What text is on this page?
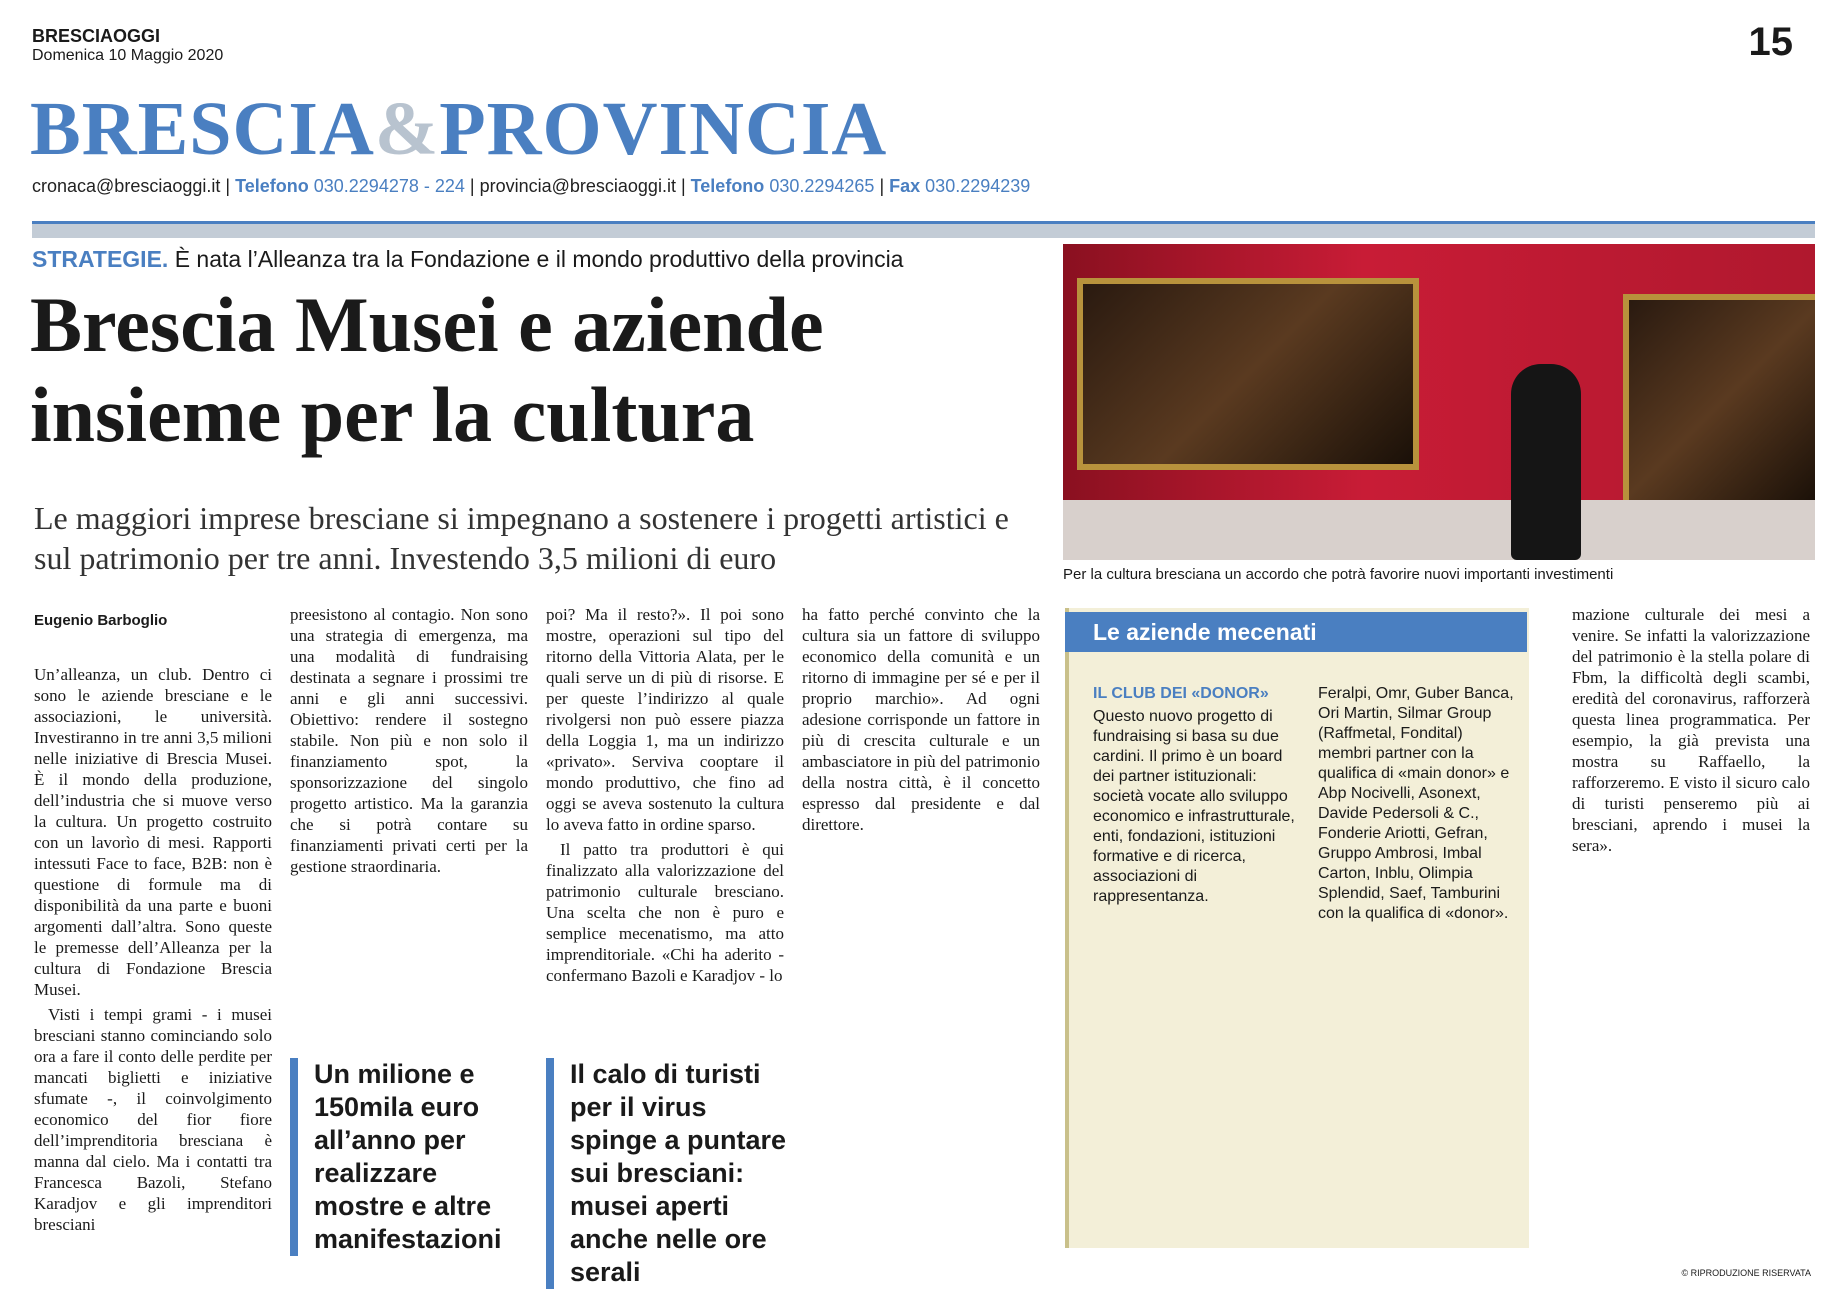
BRESCIAOGGI
Domenica 10 Maggio 2020	15
BRESCIA&PROVINCIA
cronaca@bresciaoggi.it | Telefono 030.2294278 - 224 | provincia@bresciaoggi.it | Telefono 030.2294265 | Fax 030.2294239
STRATEGIE. È nata l’Alleanza tra la Fondazione e il mondo produttivo della provincia
Brescia Musei e aziende insieme per la cultura
Le maggiori imprese bresciane si impegnano a sostenere i progetti artistici e sul patrimonio per tre anni. Investendo 3,5 milioni di euro	Per la cultura bresciana un accordo che potrà favorire nuovi importanti investimenti
Eugenio Barboglio

Un’alleanza, un club. Dentro ci sono le aziende bresciane e le associazioni, le università. Investiranno in tre anni 3,5 milioni nelle iniziative di Brescia Musei. È il mondo della produzione, dell’industria che si muove verso la cultura. Un progetto costruito con un lavorìo di mesi. Rapporti intessuti Face to face, B2B: non è questione di formule ma di disponibilità da una parte e buoni argomenti dall’altra. Sono queste le premesse dell’Alleanza per la cultura di Fondazione Brescia Musei.

Visti i tempi grami - i musei bresciani stanno cominciando solo ora a fare il conto delle perdite per mancati biglietti e iniziative sfumate -, il coinvolgimento economico del fior fiore dell’imprenditoria bresciana è manna dal cielo. Ma i contatti tra Francesca Bazoli, Stefano Karadjov e gli imprenditori bresciani

preesistono al contagio. Non sono una strategia di emergenza, ma una modalità di fundraising destinata a segnare i prossimi tre anni e gli anni successivi. Obiettivo: rendere il sostegno stabile. Non più e non solo il finanziamento spot, la sponsorizzazione del singolo progetto artistico. Ma la garanzia che si potrà contare su finanziamenti privati certi per la gestione straordinaria.

poi? Ma il resto?». Il poi sono mostre, operazioni sul tipo del ritorno della Vittoria Alata, per le quali serve un di più di risorse. E per queste l’indirizzo al quale rivolgersi non può essere piazza della Loggia 1, ma un indirizzo «privato». Serviva cooptare il mondo produttivo, che fino ad oggi se aveva sostenuto la cultura lo aveva fatto in ordine sparso.

Il patto tra produttori è qui finalizzato alla valorizzazione del patrimonio culturale bresciano. Una scelta che non è puro e semplice mecenatismo, ma atto imprenditoriale. «Chi ha aderito - confermano Bazoli e Karadjov - lo

ha fatto perché convinto che la cultura sia un fattore di sviluppo economico della comunità e un ritorno di immagine per sé e per il proprio marchio». Ad ogni adesione corrisponde un fattore in più di crescita culturale e un ambasciatore in più del patrimonio della nostra città, è il concetto espresso dal presidente e dal direttore.

mazione culturale dei mesi a venire. Se infatti la valorizzazione del patrimonio è la stella polare di Fbm, la difficoltà degli scambi, eredità del coronavirus, rafforzerà questa linea programmatica. Per esempio, la già prevista una mostra su Raffaello, la rafforzeremo. E visto il sicuro calo di turisti penseremo più ai bresciani, aprendo i musei la sera».

Un milione e 150mila euro all’anno per realizzare mostre e altre manifestazioni
Il calo di turisti per il virus spinge a puntare sui bresciani: musei aperti anche nelle ore serali
Le aziende mecenati

IL CLUB DEI «DONOR»

Questo nuovo progetto di fundraising si basa su due cardini. Il primo è un board dei partner istituzionali: società vocate allo sviluppo economico e infrastrutturale, enti, fondazioni, istituzioni formative e di ricerca, associazioni di rappresentanza.

Feralpi, Omr, Guber Banca, Ori Martin, Silmar Group (Raffmetal, Fondital) membri partner con la qualifica di «main donor» e Abp Nocivelli, Asonext, Davide Pedersoli & C., Fonderie Ariotti, Gefran, Gruppo Ambrosi, Imbal Carton, Inblu, Olimpia Splendid, Saef, Tamburini con la qualifica di «donor».

© RIPRODUZIONE RISERVATA
